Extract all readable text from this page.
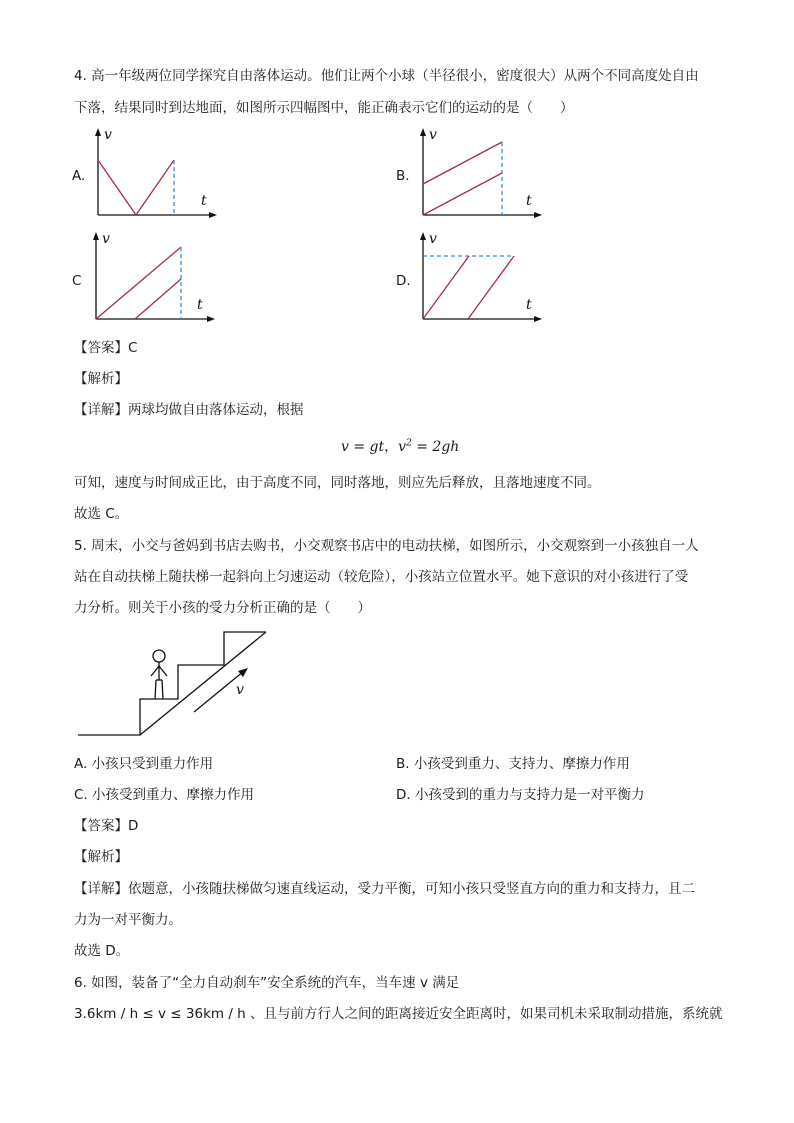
4. 高一年级两位同学探究自由落体运动。他们让两个小球（半径很小，密度很大）从两个不同高度处自由
下落，结果同时到达地面，如图所示四幅图中，能正确表示它们的运动的是（　　）
A.
v
t
B.
v
t
C
v
t
D.
v
t
【答案】C
【解析】
【详解】两球均做自由落体运动，根据
v = gt，$v^2 = 2gh$
可知，速度与时间成正比，由于高度不同，同时落地，则应先后释放，且落地速度不同。
故选 C。
5. 周末，小交与爸妈到书店去购书，小交观察书店中的电动扶梯，如图所示，小交观察到一小孩独自一人
站在自动扶梯上随扶梯一起斜向上匀速运动（较危险），小孩站立位置水平。她下意识的对小孩进行了受
力分析。则关于小孩的受力分析正确的是（　　）
v
A. 小孩只受到重力作用	B. 小孩受到重力、支持力、摩擦力作用
C. 小孩受到重力、摩擦力作用	D. 小孩受到的重力与支持力是一对平衡力
【答案】D
【解析】
【详解】依题意，小孩随扶梯做匀速直线运动，受力平衡，可知小孩只受竖直方向的重力和支持力，且二
力为一对平衡力。
故选 D。
6. 如图，装备了“全力自动刹车”安全系统的汽车，当车速 v 满足
3.6km / h ≤ v ≤ 36km / h 、且与前方行人之间的距离接近安全距离时，如果司机未采取制动措施，系统就
